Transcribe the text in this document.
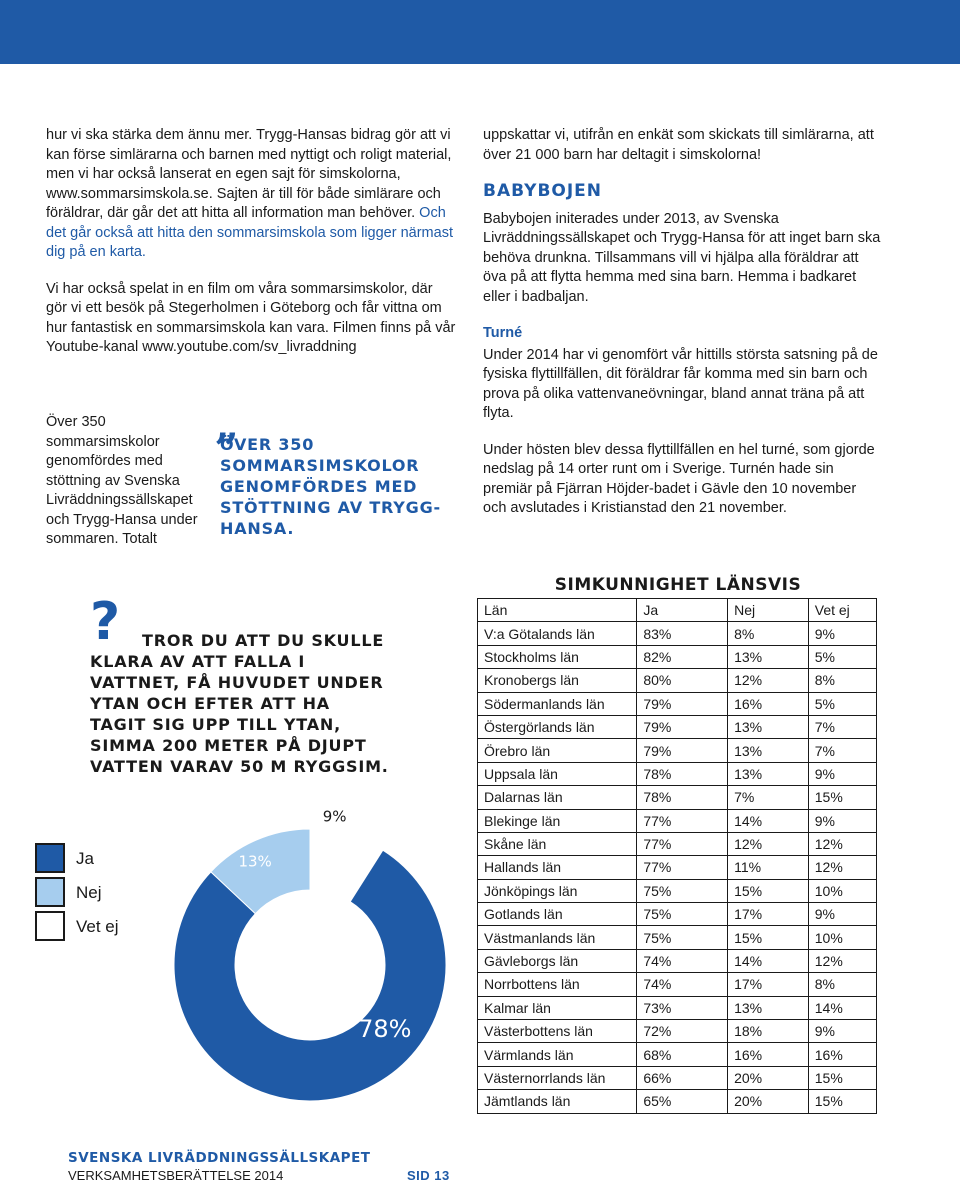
hur vi ska stärka dem ännu mer. Trygg-Hansas bidrag gör att vi kan förse simlärarna och barnen med nyttigt och roligt material, men vi har också lanserat en egen sajt för simskolorna, www.sommarsimskola.se. Sajten är till för både simlärare och föräldrar, där går det att hitta all information man behöver. Och det går också att hitta den sommarsimskola som ligger närmast dig på en karta.

Vi har också spelat in en film om våra sommarsimskolor, där gör vi ett besök på Stegerholmen i Göteborg och får vittna om hur fantastisk en sommarsimskola kan vara. Filmen finns på vår Youtube-kanal www.youtube.com/sv_livraddning

Över 350 sommarsimskolor genomfördes med stöttning av Svenska Livräddningssällskapet och Trygg-Hansa under sommaren. Totalt
„
ÖVER 350 SOMMARSIMSKOLOR GENOMFÖRDES MED STÖTTNING AV TRYGG-HANSA.

uppskattar vi, utifrån en enkät som skickats till simlärarna, att över 21 000 barn har deltagit i simskolorna!

BABYBOJEN

Babybojen initerades under 2013, av Svenska Livräddningssällskapet och Trygg-Hansa för att inget barn ska behöva drunkna. Tillsammans vill vi hjälpa alla föräldrar att öva på att flytta hemma med sina barn. Hemma i badkaret eller i badbaljan.

Turné

Under 2014 har vi genomfört vår hittills största satsning på de fysiska flyttillfällen, dit föräldrar får komma med sin barn och prova på olika vattenvaneövningar, bland annat träna på att flyta.

Under hösten blev dessa flyttillfällen en hel turné, som gjorde nedslag på 14 orter runt om i Sverige. Turnén hade sin premiär på Fjärran Höjder-badet i Gävle den 10 november och avslutades i Kristianstad den 21 november.

?	TROR DU ATT DU SKULLE KLARA AV ATT FALLA I VATTNET, FÅ HUVUDET UNDER YTAN OCH EFTER ATT HA TAGIT SIG UPP TILL YTAN, SIMMA 200 METER PÅ DJUPT VATTEN VARAV 50 M RYGGSIM.
Ja
Nej
Vet ej
78%
13%
9%
SIMKUNNIGHET LÄNSVIS
Län	Ja	Nej	Vet ej
V:a Götalands län	83%	8%	9%
Stockholms län	82%	13%	5%
Kronobergs län	80%	12%	8%
Södermanlands län	79%	16%	5%
Östergörlands län	79%	13%	7%
Örebro län	79%	13%	7%
Uppsala län	78%	13%	9%
Dalarnas län	78%	7%	15%
Blekinge län	77%	14%	9%
Skåne län	77%	12%	12%
Hallands län	77%	11%	12%
Jönköpings län	75%	15%	10%
Gotlands län	75%	17%	9%
Västmanlands län	75%	15%	10%
Gävleborgs län	74%	14%	12%
Norrbottens län	74%	17%	8%
Kalmar län	73%	13%	14%
Västerbottens län	72%	18%	9%
Värmlands län	68%	16%	16%
Västernorrlands län	66%	20%	15%
Jämtlands län	65%	20%	15%
SVENSKA LIVRÄDDNINGSSÄLLSKAPET
VERKSAMHETSBERÄTTELSE 2014	SID 13
